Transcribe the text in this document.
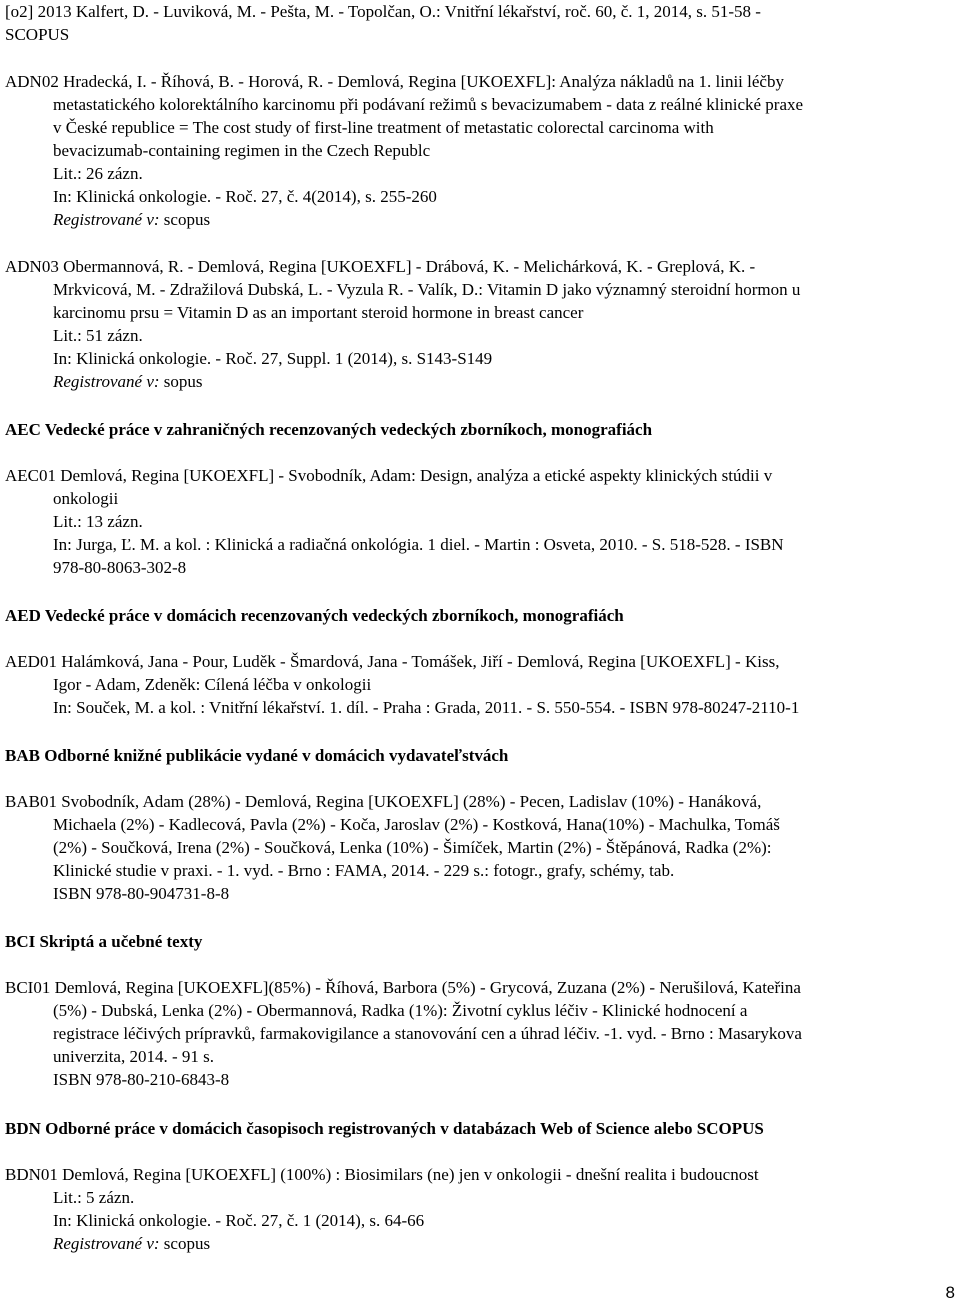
[o2] 2013 Kalfert, D. - Luviková, M. - Pešta, M. - Topolčan, O.: Vnitřní lékařství, roč. 60, č. 1, 2014, s. 51-58 -
SCOPUS
ADN02 Hradecká, I. - Říhová, B. - Horová, R. - Demlová, Regina [UKOEXFL]: Analýza nákladů na 1. linii léčby
metastatického kolorektálního karcinomu při podávaní režimů s bevacizumabem - data z reálné klinické praxe
v České republice = The cost study of first-line treatment of metastatic colorectal carcinoma with
bevacizumab-containing regimen in the Czech Republc
Lit.: 26 zázn.
In: Klinická onkologie. - Roč. 27, č. 4(2014), s. 255-260
Registrované v: scopus
ADN03 Obermannová, R. - Demlová, Regina [UKOEXFL] - Drábová, K. - Melichárková, K. - Greplová, K. -
Mrkvicová, M. - Zdražilová Dubská, L. - Vyzula R. - Valík, D.: Vitamin D jako významný steroidní hormon u
karcinomu prsu = Vitamin D as an important steroid hormone in breast cancer
Lit.: 51 zázn.
In: Klinická onkologie. - Roč. 27, Suppl. 1 (2014), s. S143-S149
Registrované v: sopus
AEC Vedecké práce v zahraničných recenzovaných vedeckých zborníkoch, monografiách
AEC01 Demlová, Regina [UKOEXFL] - Svobodník, Adam: Design, analýza a etické aspekty klinických stúdii v
onkologii
Lit.: 13 zázn.
In: Jurga, Ľ. M. a kol. : Klinická a radiačná onkológia. 1 diel. - Martin : Osveta, 2010. - S. 518-528. - ISBN
978-80-8063-302-8
AED Vedecké práce v domácich recenzovaných vedeckých zborníkoch, monografiách
AED01 Halámková, Jana - Pour, Luděk - Šmardová, Jana - Tomášek, Jiří - Demlová, Regina [UKOEXFL] - Kiss,
Igor - Adam, Zdeněk: Cílená léčba v onkologii
In: Souček, M. a kol. : Vnitřní lékařství. 1. díl. - Praha : Grada, 2011. - S. 550-554. - ISBN 978-80247-2110-1
BAB Odborné knižné publikácie vydané v domácich vydavateľstvách
BAB01 Svobodník, Adam (28%) - Demlová, Regina [UKOEXFL] (28%) - Pecen, Ladislav (10%) - Hanáková,
Michaela (2%) - Kadlecová, Pavla (2%) - Koča, Jaroslav (2%) - Kostková, Hana(10%) - Machulka, Tomáš
(2%) - Součková, Irena (2%) - Součková, Lenka (10%) - Šimíček, Martin (2%) - Štěpánová, Radka (2%):
Klinické studie v praxi. - 1. vyd. - Brno : FAMA, 2014. - 229 s.: fotogr., grafy, schémy, tab.
ISBN 978-80-904731-8-8
BCI Skriptá a učebné texty
BCI01 Demlová, Regina [UKOEXFL](85%) - Říhová, Barbora (5%) - Grycová, Zuzana (2%) - Nerušilová, Kateřina
(5%) - Dubská, Lenka (2%) - Obermannová, Radka (1%): Životní cyklus léčiv - Klinické hodnocení a
registrace léčivých prípravků, farmakovigilance a stanovování cen a úhrad léčiv. -1. vyd. - Brno : Masarykova
univerzita, 2014. - 91 s.
ISBN 978-80-210-6843-8
BDN Odborné práce v domácich časopisoch registrovaných v databázach Web of Science alebo SCOPUS
BDN01 Demlová, Regina [UKOEXFL] (100%) : Biosimilars (ne) jen v onkologii - dnešní realita i budoucnost
Lit.: 5 zázn.
In: Klinická onkologie. - Roč. 27, č. 1 (2014), s. 64-66
Registrované v: scopus
8
